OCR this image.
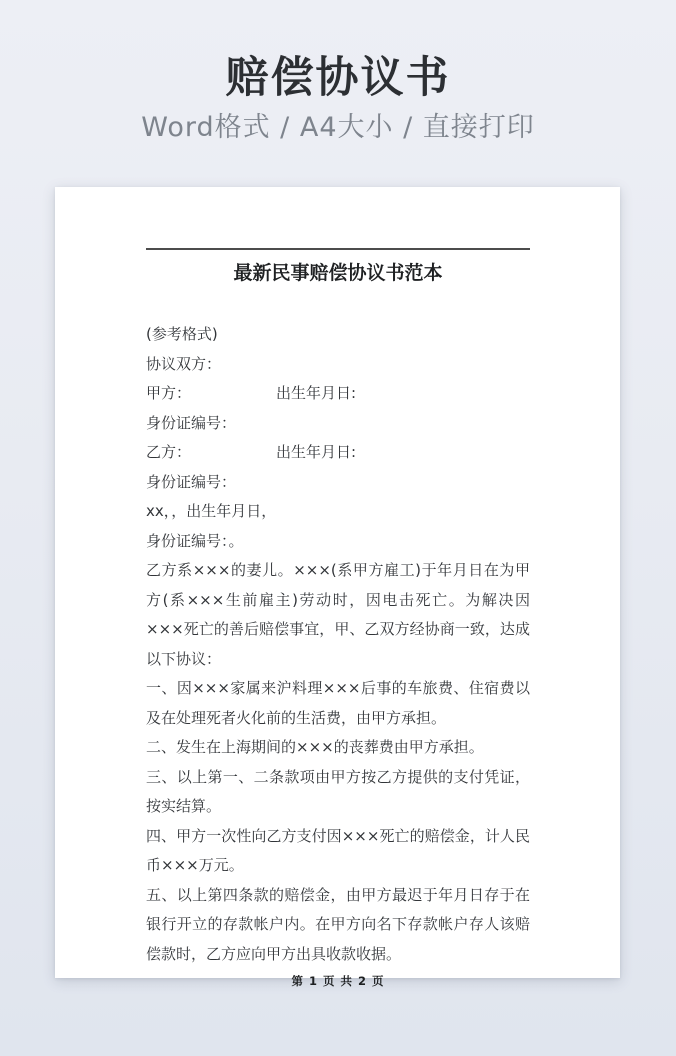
赔偿协议书
Word格式 / A4大小 / 直接打印
最新民事赔偿协议书范本
(参考格式)
协议双方：
甲方：	出生年月日:
身份证编号：
乙方：	出生年月日:
身份证编号：
xx，，出生年月日，
身份证编号：。
乙方系×××的妻儿。×××(系甲方雇工)于年月日在为甲方(系×××生前雇主)劳动时，因电击死亡。为解决因×××死亡的善后赔偿事宜，甲、乙双方经协商一致，达成以下协议：
一、因×××家属来沪料理×××后事的车旅费、住宿费以及在处理死者火化前的生活费，由甲方承担。
二、发生在上海期间的×××的丧葬费由甲方承担。
三、以上第一、二条款项由甲方按乙方提供的支付凭证，按实结算。
四、甲方一次性向乙方支付因×××死亡的赔偿金，计人民币×××万元。
五、以上第四条款的赔偿金，由甲方最迟于年月日存于在银行开立的存款帐户内。在甲方向名下存款帐户存人该赔偿款时，乙方应向甲方出具收款收据。
第 1 页 共 2 页
